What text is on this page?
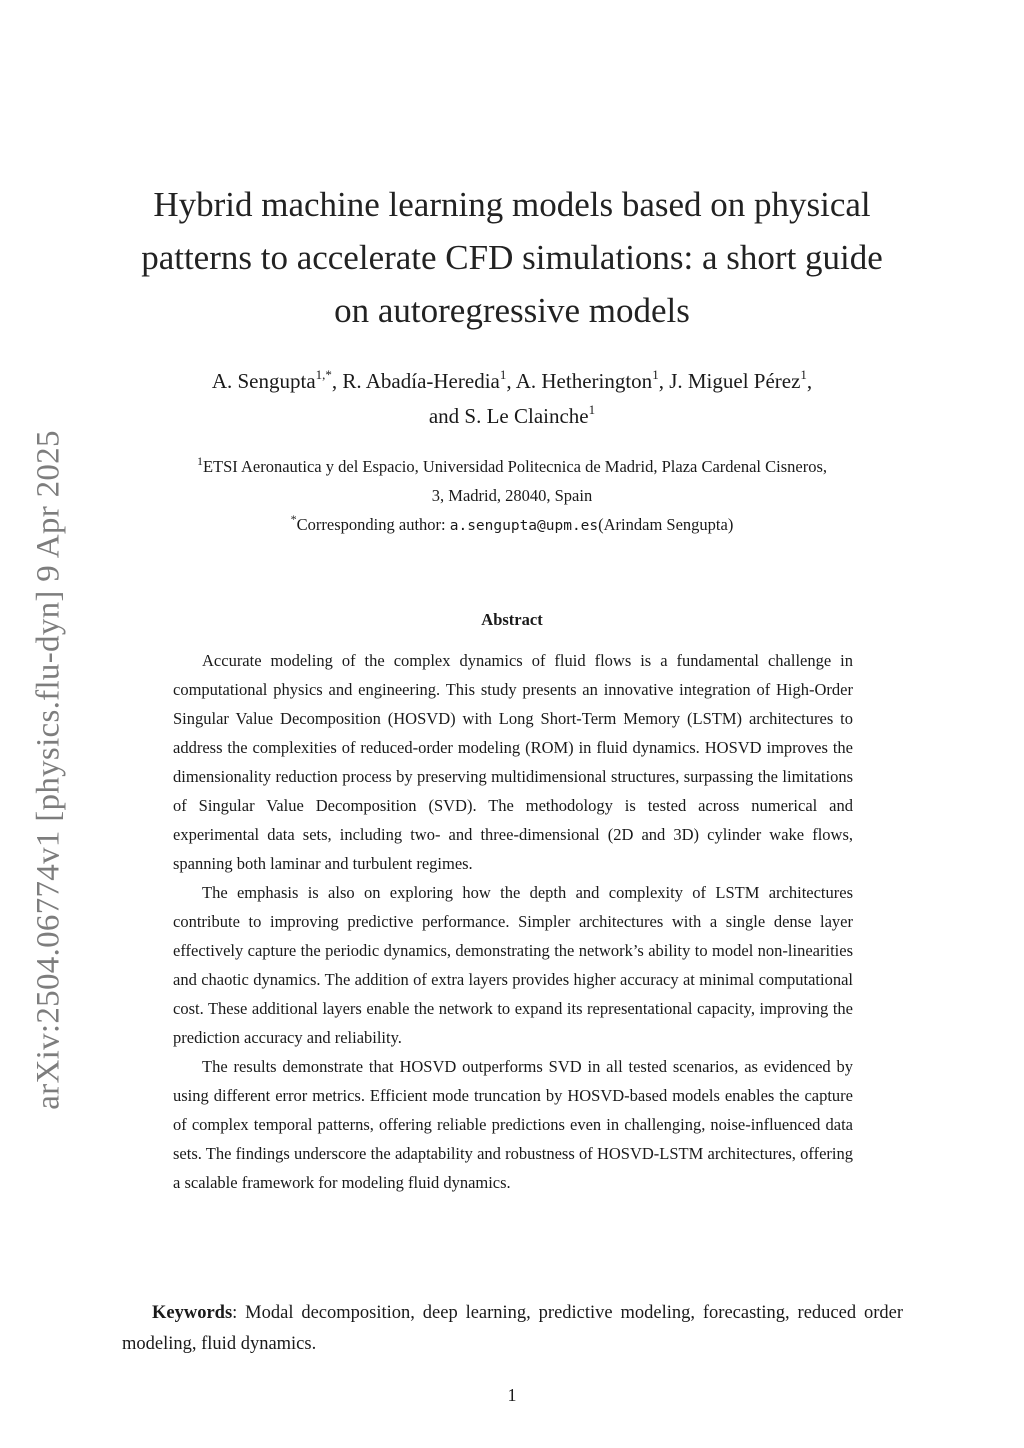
arXiv:2504.06774v1 [physics.flu-dyn] 9 Apr 2025
Hybrid machine learning models based on physical
patterns to accelerate CFD simulations: a short guide
on autoregressive models
A. Sengupta$^{1,*}$, R. Abadía-Heredia$^1$, A. Hetherington$^1$, J. Miguel Pérez$^1$,
and S. Le Clainche$^1$
$^1$ETSI Aeronautica y del Espacio, Universidad Politecnica de Madrid, Plaza Cardenal Cisneros,
3, Madrid, 28040, Spain
*Corresponding author: a.sengupta@upm.es(Arindam Sengupta)
Abstract

Accurate modeling of the complex dynamics of fluid flows is a fundamental challenge in computational physics and engineering. This study presents an innovative integration of High-Order Singular Value Decomposition (HOSVD) with Long Short-Term Memory (LSTM) architectures to address the complexities of reduced-order modeling (ROM) in fluid dynamics. HOSVD improves the dimensionality reduction process by preserving multidimensional structures, surpassing the limitations of Singular Value Decomposition (SVD). The methodology is tested across numerical and experimental data sets, including two- and three-dimensional (2D and 3D) cylinder wake flows, spanning both laminar and turbulent regimes.

The emphasis is also on exploring how the depth and complexity of LSTM architectures contribute to improving predictive performance. Simpler architectures with a single dense layer effectively capture the periodic dynamics, demonstrating the network’s ability to model non-linearities and chaotic dynamics. The addition of extra layers provides higher accuracy at minimal computational cost. These additional layers enable the network to expand its representational capacity, improving the prediction accuracy and reliability.

The results demonstrate that HOSVD outperforms SVD in all tested scenarios, as evidenced by using different error metrics. Efficient mode truncation by HOSVD-based models enables the capture of complex temporal patterns, offering reliable predictions even in challenging, noise-influenced data sets. The findings underscore the adaptability and robustness of HOSVD-LSTM architectures, offering a scalable framework for modeling fluid dynamics.

Keywords: Modal decomposition, deep learning, predictive modeling, forecasting, reduced order modeling, fluid dynamics.
1
